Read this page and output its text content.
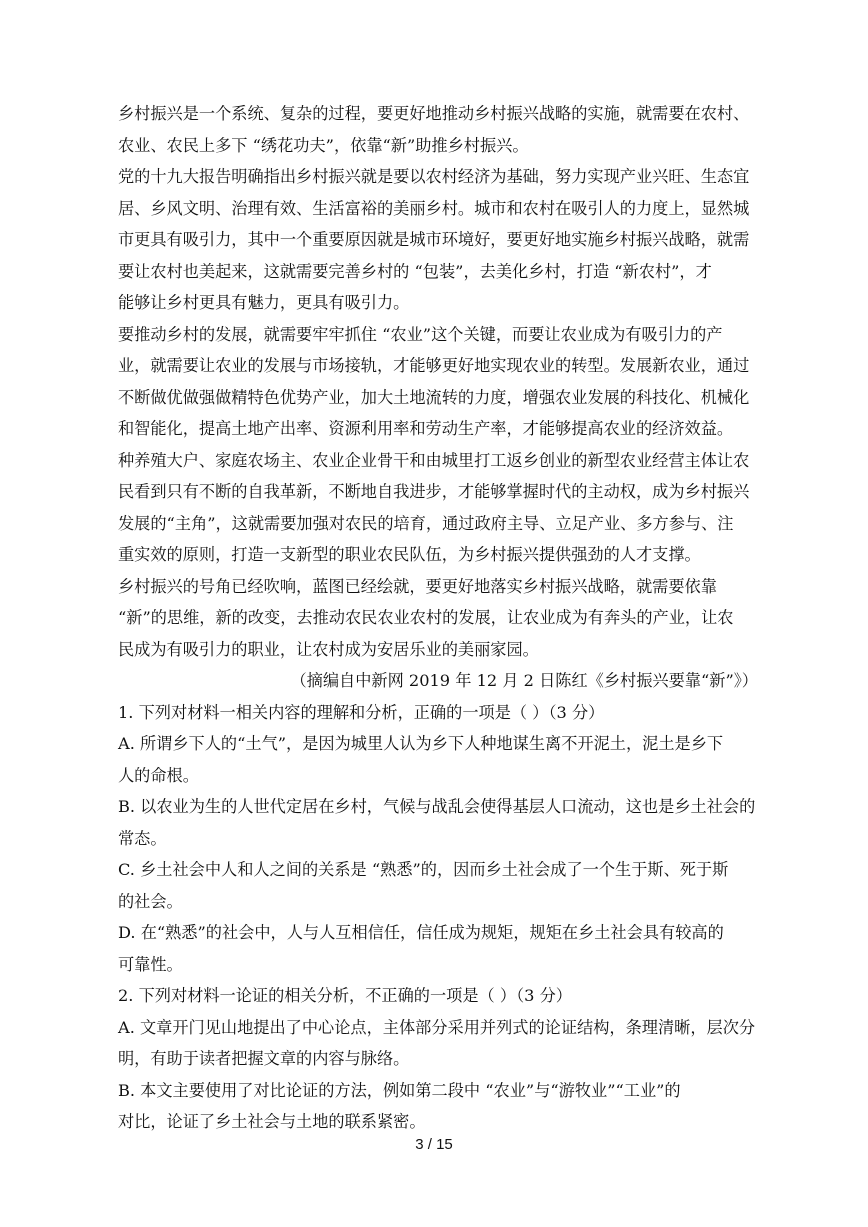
乡村振兴是一个系统、复杂的过程，要更好地推动乡村振兴战略的实施，就需要在农村、
农业、农民上多下 “绣花功夫”，依靠“新”助推乡村振兴。
党的十九大报告明确指出乡村振兴就是要以农村经济为基础，努力实现产业兴旺、生态宜
居、乡风文明、治理有效、生活富裕的美丽乡村。城市和农村在吸引人的力度上，显然城
市更具有吸引力，其中一个重要原因就是城市环境好，要更好地实施乡村振兴战略，就需
要让农村也美起来，这就需要完善乡村的 “包装”，去美化乡村，打造 “新农村”，才
能够让乡村更具有魅力，更具有吸引力。
要推动乡村的发展，就需要牢牢抓住 “农业”这个关键，而要让农业成为有吸引力的产
业，就需要让农业的发展与市场接轨，才能够更好地实现农业的转型。发展新农业，通过
不断做优做强做精特色优势产业，加大土地流转的力度，增强农业发展的科技化、机械化
和智能化，提高土地产出率、资源利用率和劳动生产率，才能够提高农业的经济效益。
种养殖大户、家庭农场主、农业企业骨干和由城里打工返乡创业的新型农业经营主体让农
民看到只有不断的自我革新，不断地自我进步，才能够掌握时代的主动权，成为乡村振兴
发展的“主角”，这就需要加强对农民的培育，通过政府主导、立足产业、多方参与、注
重实效的原则，打造一支新型的职业农民队伍，为乡村振兴提供强劲的人才支撑。
乡村振兴的号角已经吹响，蓝图已经绘就，要更好地落实乡村振兴战略，就需要依靠
“新”的思维，新的改变，去推动农民农业农村的发展，让农业成为有奔头的产业，让农
民成为有吸引力的职业，让农村成为安居乐业的美丽家园。
（摘编自中新网 2019 年 12 月 2 日陈红《乡村振兴要靠“新”》）
1. 下列对材料一相关内容的理解和分析，正确的一项是（ ）（3 分）
A. 所谓乡下人的“土气”，是因为城里人认为乡下人种地谋生离不开泥土，泥土是乡下
人的命根。
B. 以农业为生的人世代定居在乡村，气候与战乱会使得基层人口流动，这也是乡土社会的
常态。
C. 乡土社会中人和人之间的关系是 “熟悉”的，因而乡土社会成了一个生于斯、死于斯
的社会。
D. 在“熟悉”的社会中，人与人互相信任，信任成为规矩，规矩在乡土社会具有较高的
可靠性。
2. 下列对材料一论证的相关分析，不正确的一项是（ ）（3 分）
A. 文章开门见山地提出了中心论点，主体部分采用并列式的论证结构，条理清晰，层次分
明，有助于读者把握文章的内容与脉络。
B. 本文主要使用了对比论证的方法，例如第二段中 “农业”与“游牧业”“工业”的
对比，论证了乡土社会与土地的联系紧密。
3 / 15
